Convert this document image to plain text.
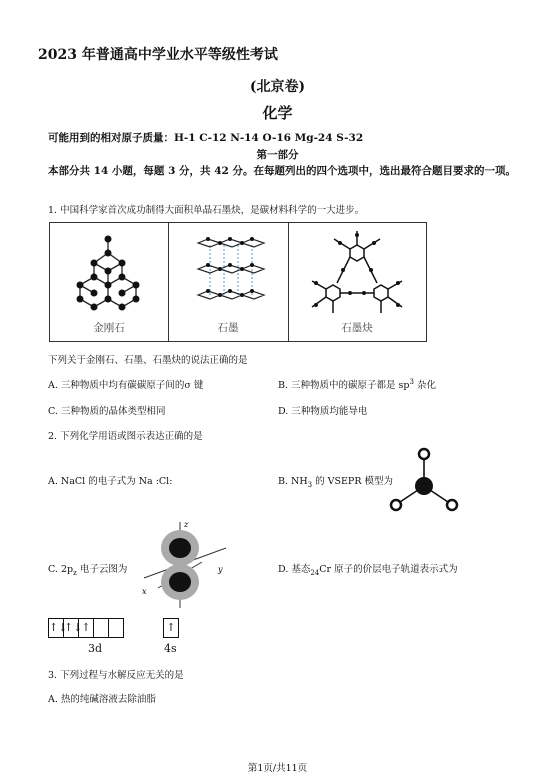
2023 年普通高中学业水平等级性考试
(北京卷)
化学
可能用到的相对原子质量：H-1 C-12 N-14 O-16 Mg-24 S-32
第一部分
本部分共 14 小题，每题 3 分，共 42 分。在每题列出的四个选项中，选出最符合题目要求的一项。
1. 中国科学家首次成功制得大面积单晶石墨炔，是碳材料科学的一大进步。
金刚石	石墨	石墨炔
下列关于金刚石、石墨、石墨炔的说法正确的是
A. 三种物质中均有碳碳原子间的σ 键	B. 三种物质中的碳原子都是 $sp^3$ 杂化
C. 三种物质的晶体类型相同	D. 三种物质均能导电
2. 下列化学用语或图示表达正确的是
A. NaCl 的电子式为 Na :Cl:	B. $NH_3$ 的 VSEPR 模型为
C. $2p_z$ 电子云图为
z
y
x
D. 基态$_{24}$Cr 原子的价层电子轨道表示式为
↑↓
↑↓
↑	↑
3d	4s
3. 下列过程与水解反应无关的是
A. 热的纯碱溶液去除油脂
第1页/共11页
